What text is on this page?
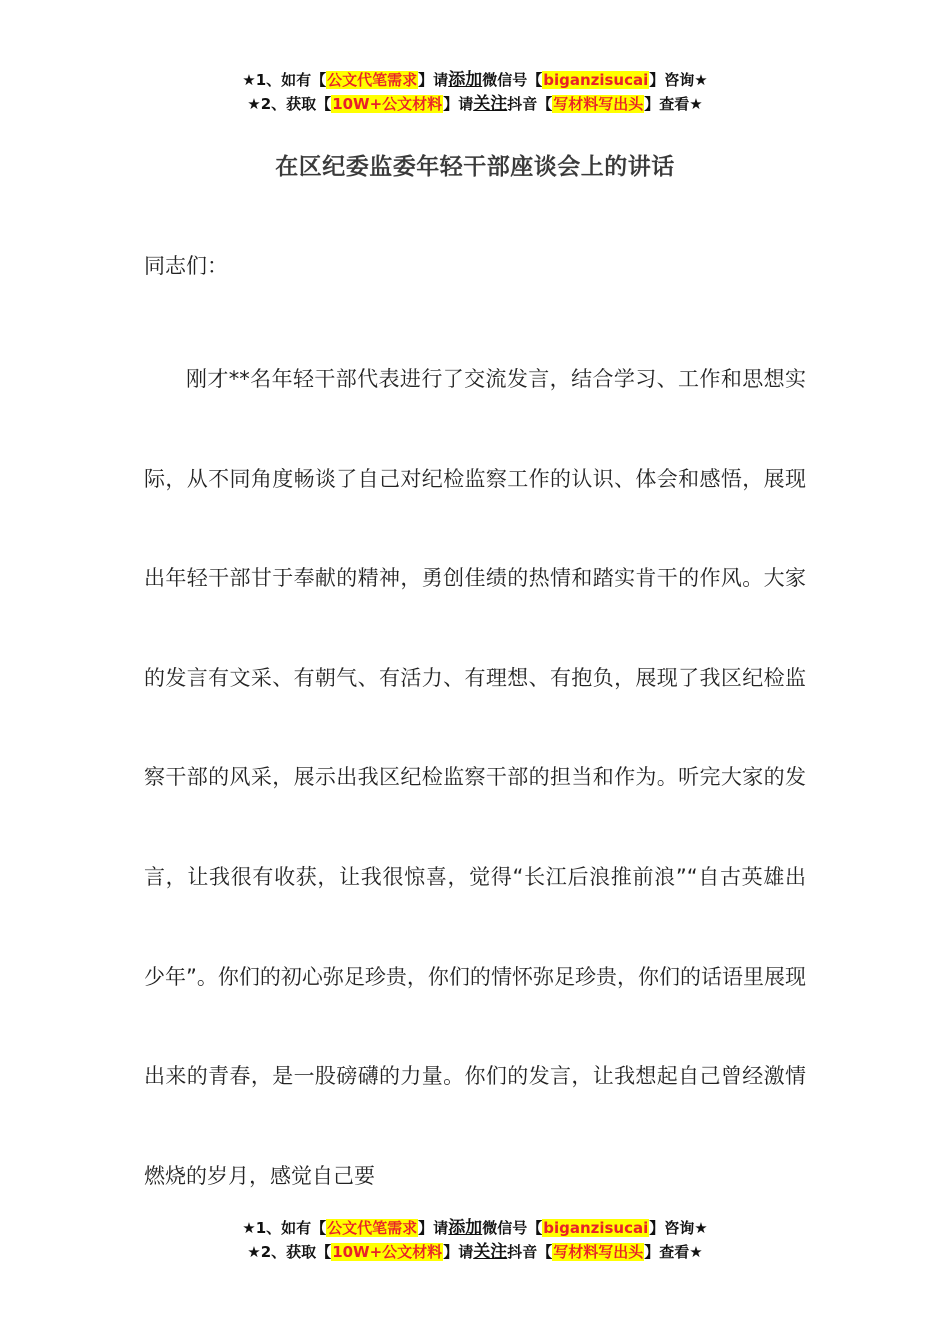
★1、如有【公文代笔需求】请添加微信号【biganzisucai】咨询★
★2、获取【10W+公文材料】请关注抖音【写材料写出头】查看★
在区纪委监委年轻干部座谈会上的讲话
同志们：
刚才**名年轻干部代表进行了交流发言，结合学习、工作和思想实际，从不同角度畅谈了自己对纪检监察工作的认识、体会和感悟，展现出年轻干部甘于奉献的精神，勇创佳绩的热情和踏实肯干的作风。大家的发言有文采、有朝气、有活力、有理想、有抱负，展现了我区纪检监察干部的风采，展示出我区纪检监察干部的担当和作为。听完大家的发言，让我很有收获，让我很惊喜，觉得“长江后浪推前浪”“自古英雄出少年”。你们的初心弥足珍贵，你们的情怀弥足珍贵，你们的话语里展现出来的青春，是一股磅礴的力量。你们的发言，让我想起自己曾经激情燃烧的岁月，感觉自己要
★1、如有【公文代笔需求】请添加微信号【biganzisucai】咨询★
★2、获取【10W+公文材料】请关注抖音【写材料写出头】查看★
